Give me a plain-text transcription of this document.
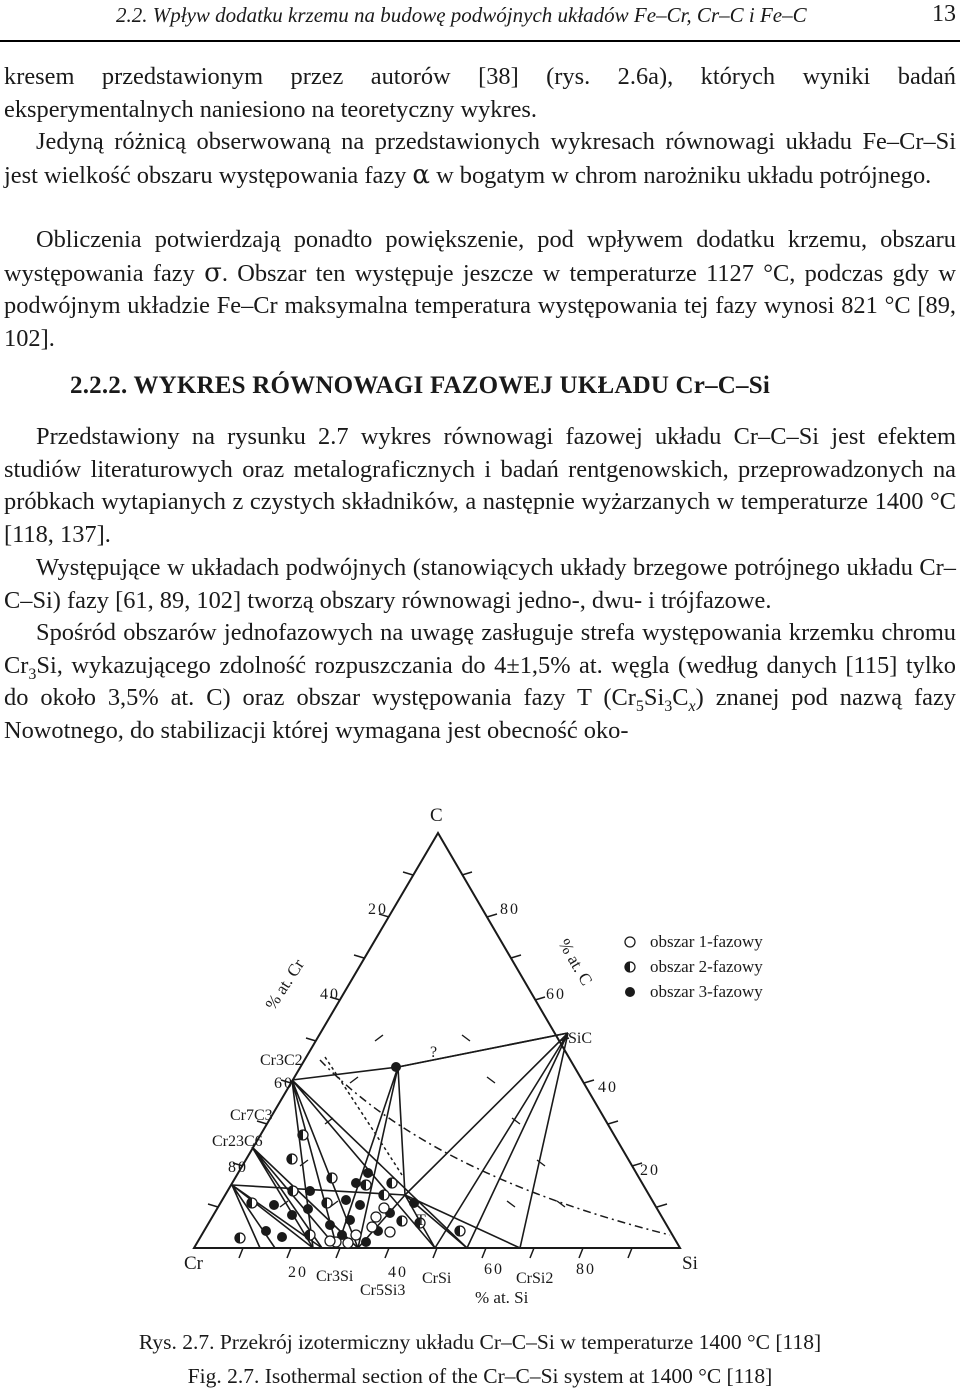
2.2. Wpływ dodatku krzemu na budowę podwójnych układów Fe–Cr, Cr–C i Fe–C	13

kresem przedstawionym przez autorów [38] (rys. 2.6a), których wyniki badań eksperymentalnych naniesiono na teoretyczny wykres.

Jedyną różnicą obserwowaną na przedstawionych wykresach równowagi układu Fe–Cr–Si jest wielkość obszaru występowania fazy α w bogatym w chrom narożniku układu potrójnego.

Obliczenia potwierdzają ponadto powiększenie, pod wpływem dodatku krzemu, obszaru występowania fazy σ. Obszar ten występuje jeszcze w temperaturze 1127 °C, podczas gdy w podwójnym układzie Fe–Cr maksymalna temperatura występowania tej fazy wynosi 821 °C [89, 102].

2.2.2. WYKRES RÓWNOWAGI FAZOWEJ UKŁADU Cr–C–Si

Przedstawiony na rysunku 2.7 wykres równowagi fazowej układu Cr–C–Si jest efektem studiów literaturowych oraz metalograficznych i badań rentgenowskich, przeprowadzonych na próbkach wytapianych z czystych składników, a następnie wyżarzanych w temperaturze 1400 °C [118, 137].

Występujące w układach podwójnych (stanowiących układy brzegowe potrójnego układu Cr–C–Si) fazy [61, 89, 102] tworzą obszary równowagi jedno-, dwu- i trójfazowe.

Spośród obszarów jednofazowych na uwagę zasługuje strefa występowania krzemku chromu $Cr_3Si$, wykazującego zdolność rozpuszczania do 4±1,5% at. węgla (według danych [115] tylko do około 3,5% at. C) oraz obszar występowania fazy T $(Cr_5Si_3C_x)$ znanej pod nazwą fazy Nowotnego, do stabilizacji której wymagana jest obecność oko-

C
Cr	Si
% at. Cr	% at. C
% at. Si
20
40
60
80
80
60
40
20
20	40	60	80
Cr3C2
Cr7C3
Cr23C6
SiC
T
?
Cr3Si
Cr5Si3
CrSi	CrSi2
obszar 1-fazowy
obszar 2-fazowy
obszar 3-fazowy
Rys. 2.7. Przekrój izotermiczny układu Cr–C–Si w temperaturze 1400 °C [118]
Fig. 2.7. Isothermal section of the Cr–C–Si system at 1400 °C [118]
